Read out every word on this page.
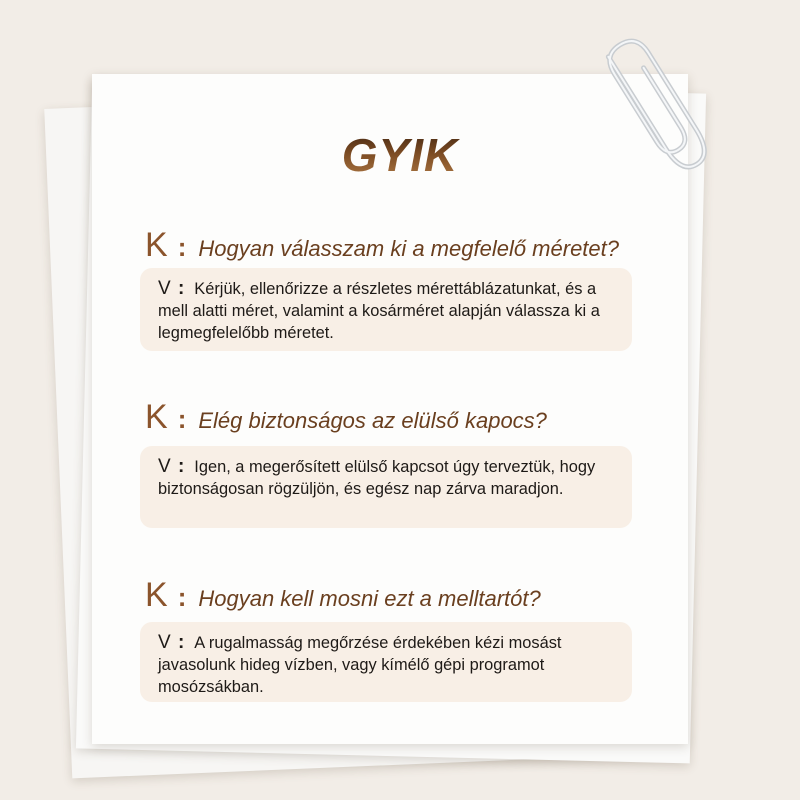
GYIK
K : Hogyan válasszam ki a megfelelő méretet?
V : Kérjük, ellenőrizze a részletes mérettáblázatunkat, és a mell alatti méret, valamint a kosárméret alapján válassza ki a legmegfelelőbb méretet.
K : Elég biztonságos az elülső kapocs?
V : Igen, a megerősített elülső kapcsot úgy terveztük, hogy biztonságosan rögzüljön, és egész nap zárva maradjon.
K : Hogyan kell mosni ezt a melltartót?
V : A rugalmasság megőrzése érdekében kézi mosást javasolunk hideg vízben, vagy kímélő gépi programot mosózsákban.
